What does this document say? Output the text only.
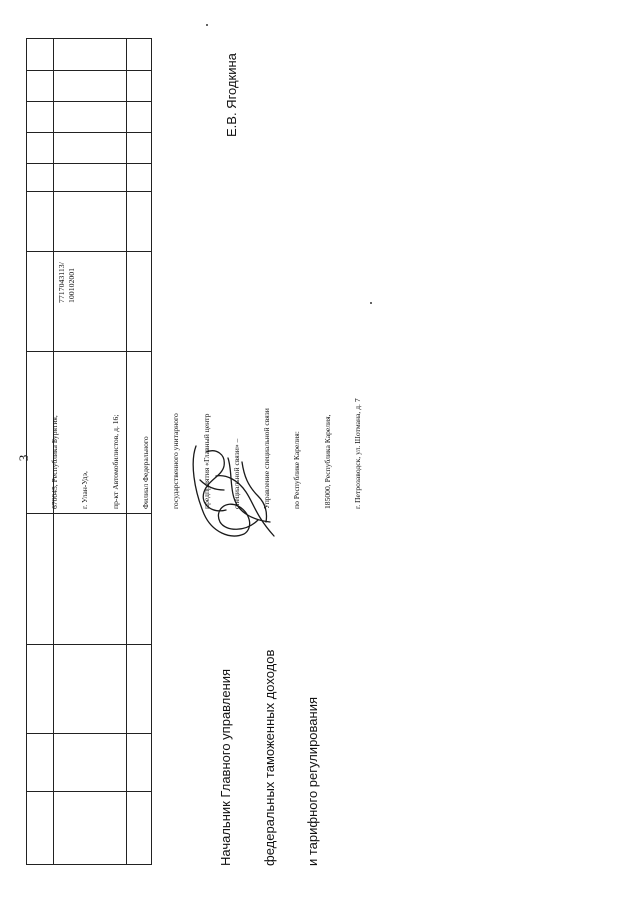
3

	670045, Республика Бурятия,

	г. Улан-Удэ,

	пр-кт Автомобилистов, д. 16;

	Филиал Федерального

	государственного унитарного

	предприятия «Главный центр

	специальной связи» –

	Управление специальной связи

	по Республике Карелия:

	185000, Республика Карелия,

	г. Петрозаводск, ул. Шотмана, д. 7

7717043113/
100102001

Начальник Главного управления

федеральных таможенных доходов

и тарифного регулирования

Е.В. Ягодкина
